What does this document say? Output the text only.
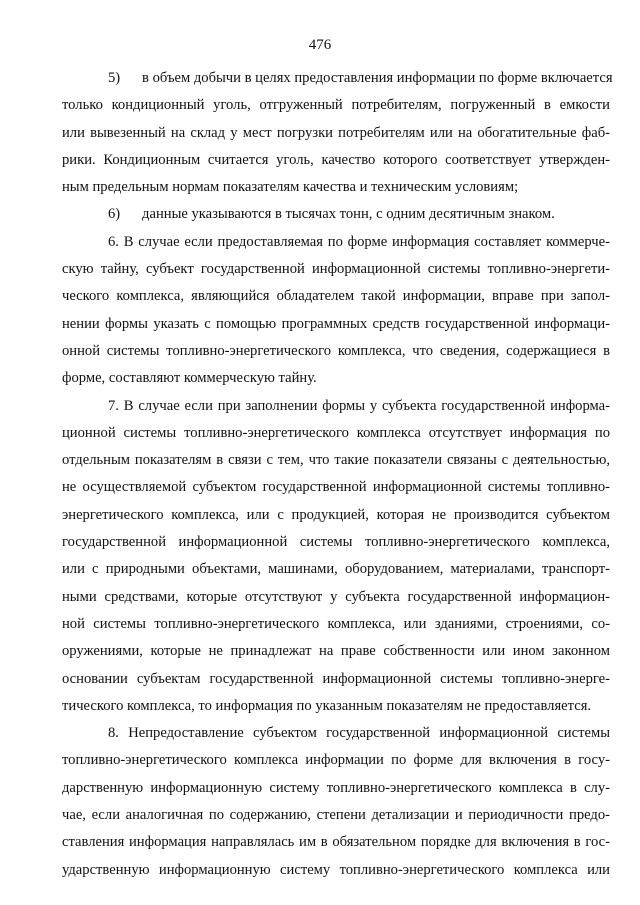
476
5)  в объем добычи в целях предоставления информации по форме включается
только кондиционный уголь, отгруженный потребителям, погруженный в емкости
или вывезенный на склад у мест погрузки потребителям или на обогатительные фаб-
рики. Кондиционным считается уголь, качество которого соответствует утвержден-
ным предельным нормам показателям качества и техническим условиям;
6)  данные указываются в тысячах тонн, с одним десятичным знаком.
6. В случае если предоставляемая по форме информация составляет коммерче-
скую тайну, субъект государственной информационной системы топливно-энергети-
ческого комплекса, являющийся обладателем такой информации, вправе при запол-
нении формы указать с помощью программных средств государственной информаци-
онной системы топливно-энергетического комплекса, что сведения, содержащиеся в
форме, составляют коммерческую тайну.
7. В случае если при заполнении формы у субъекта государственной информа-
ционной системы топливно-энергетического комплекса отсутствует информация по
отдельным показателям в связи с тем, что такие показатели связаны с деятельностью,
не осуществляемой субъектом государственной информационной системы топливно-
энергетического комплекса, или с продукцией, которая не производится субъектом
государственной информационной системы топливно-энергетического комплекса,
или с природными объектами, машинами, оборудованием, материалами, транспорт-
ными средствами, которые отсутствуют у субъекта государственной информацион-
ной системы топливно-энергетического комплекса, или зданиями, строениями, со-
оружениями, которые не принадлежат на праве собственности или ином законном
основании субъектам государственной информационной системы топливно-энерге-
тического комплекса, то информация по указанным показателям не предоставляется.
8. Непредоставление субъектом государственной информационной системы
топливно-энергетического комплекса информации по форме для включения в госу-
дарственную информационную систему топливно-энергетического комплекса в слу-
чае, если аналогичная по содержанию, степени детализации и периодичности предо-
ставления информация направлялась им в обязательном порядке для включения в гос-
ударственную информационную систему топливно-энергетического комплекса или
